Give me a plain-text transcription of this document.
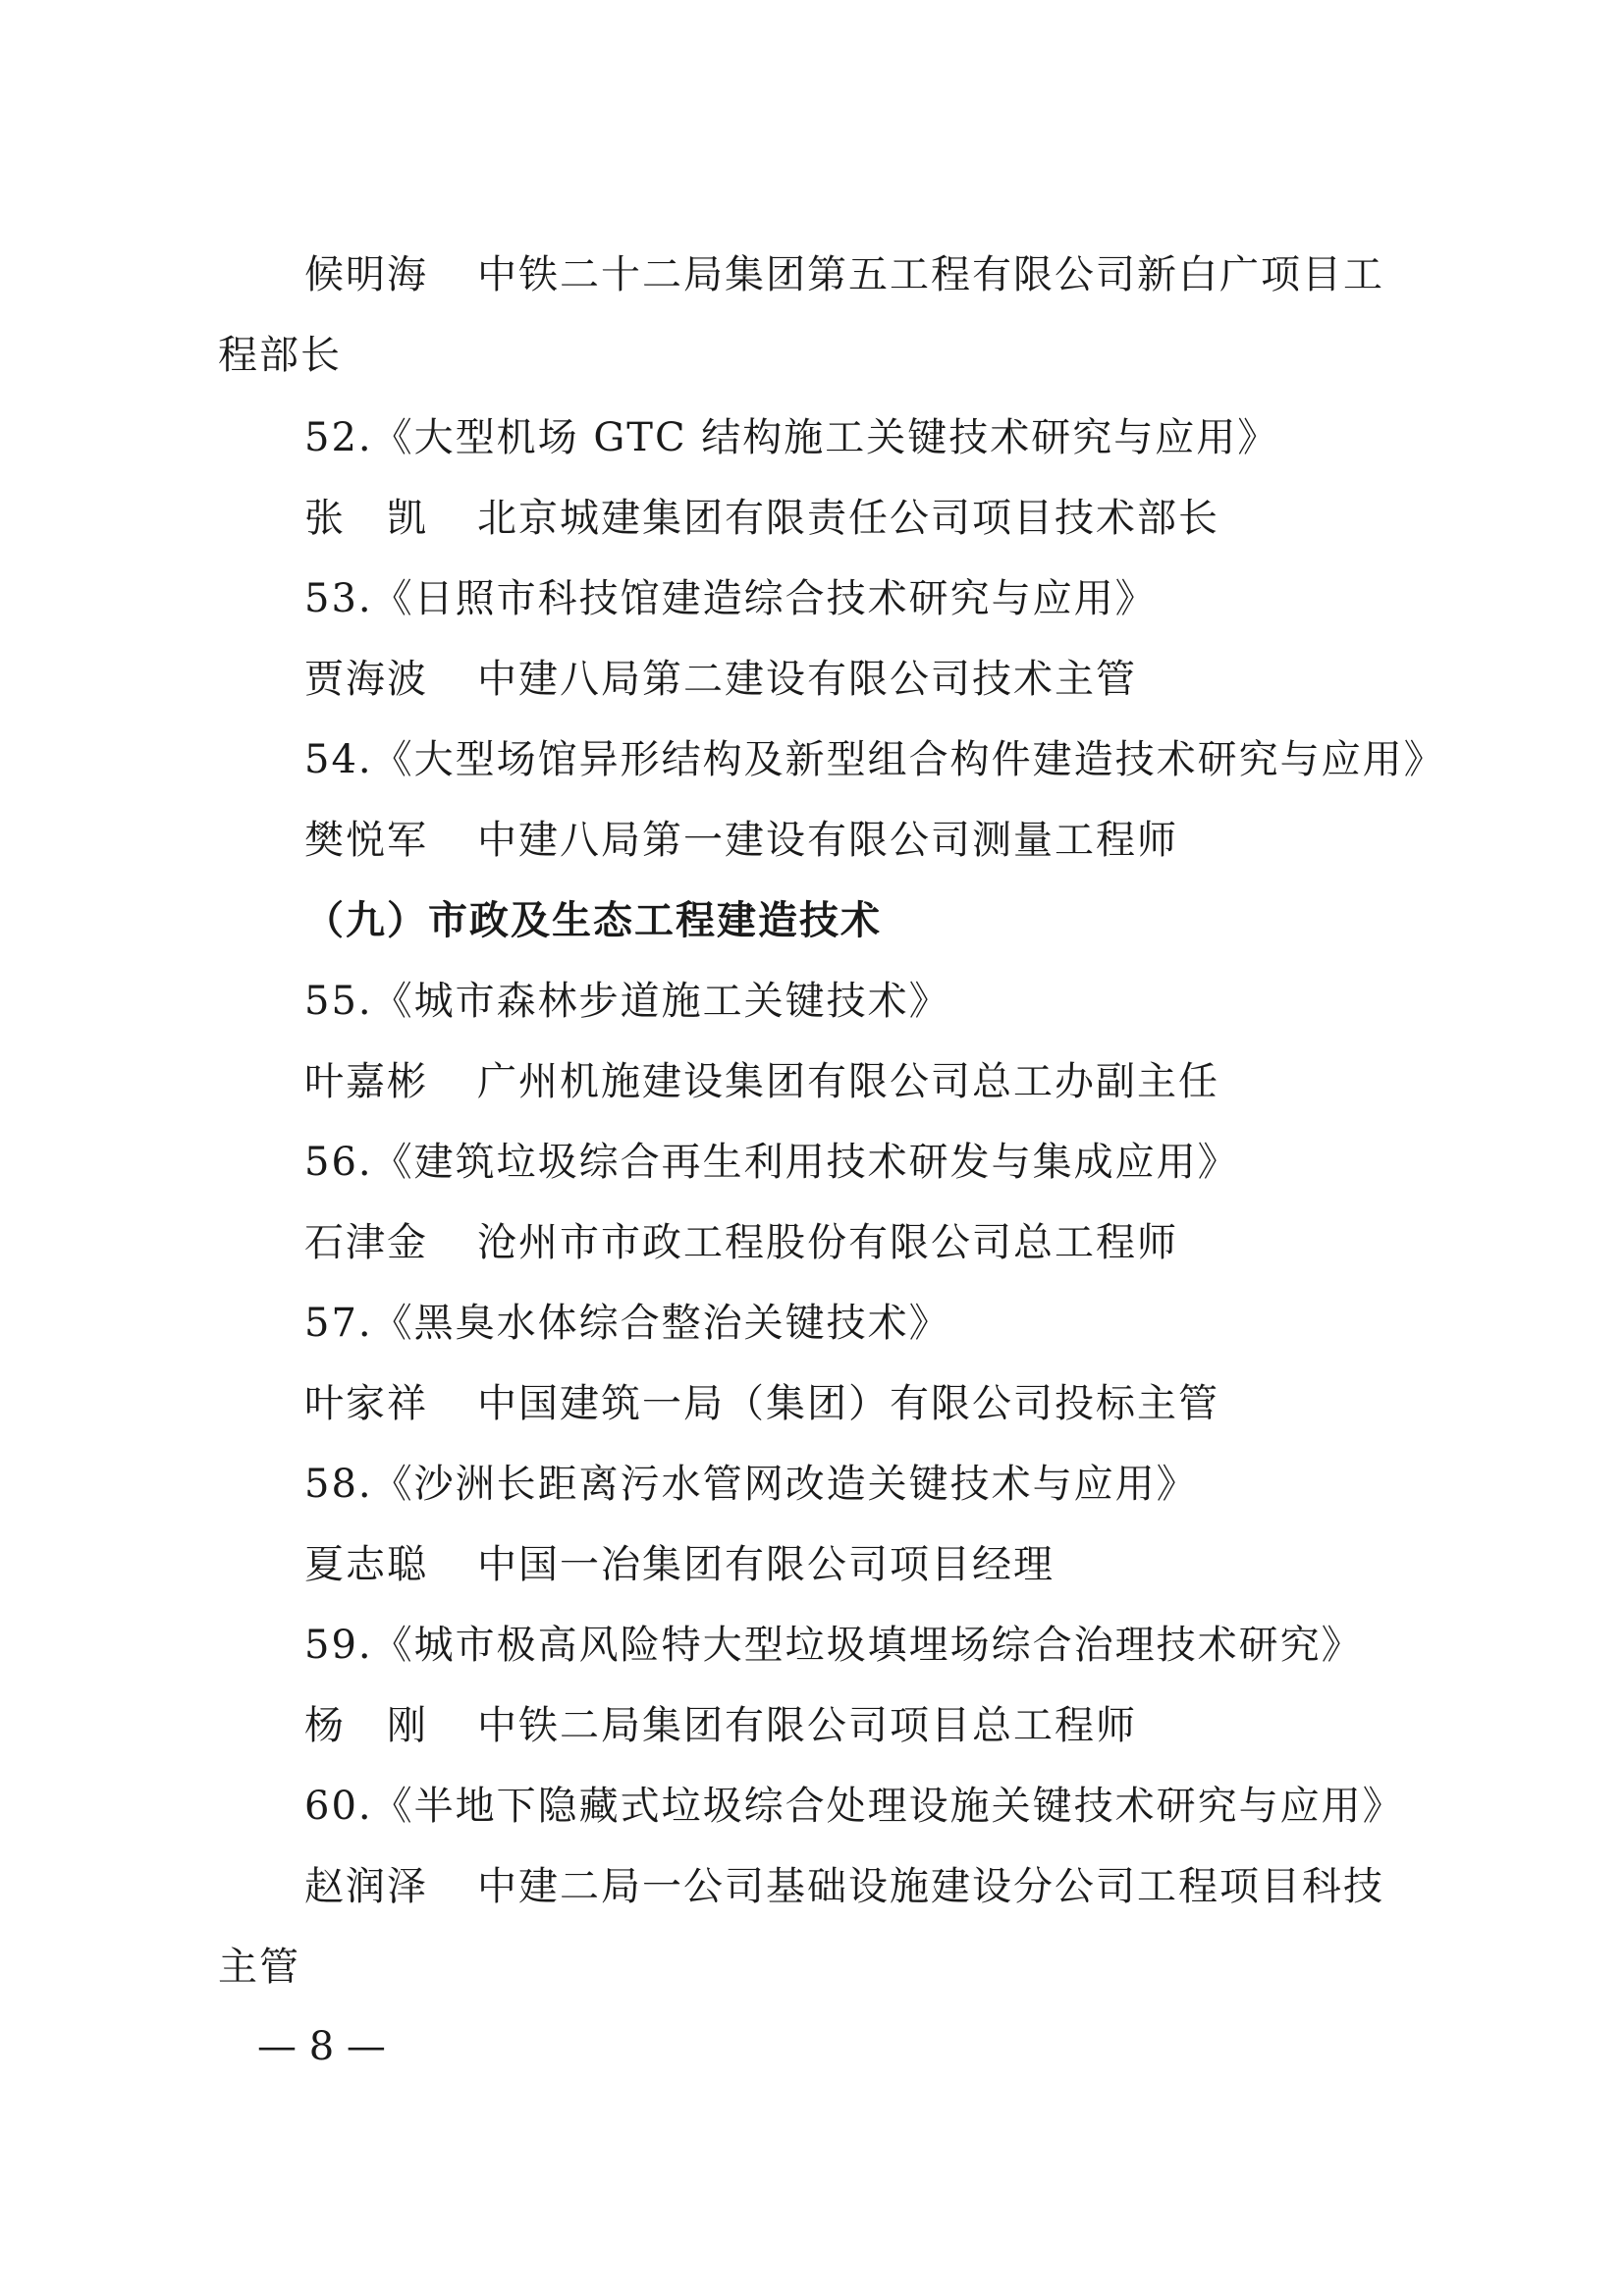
候明海 中铁二十二局集团第五工程有限公司新白广项目工
程部长
52.《大型机场 GTC 结构施工关键技术研究与应用》
张　凯 北京城建集团有限责任公司项目技术部长
53.《日照市科技馆建造综合技术研究与应用》
贾海波 中建八局第二建设有限公司技术主管
54.《大型场馆异形结构及新型组合构件建造技术研究与应用》
樊悦军 中建八局第一建设有限公司测量工程师
（九）市政及生态工程建造技术
55.《城市森林步道施工关键技术》
叶嘉彬 广州机施建设集团有限公司总工办副主任
56.《建筑垃圾综合再生利用技术研发与集成应用》
石津金 沧州市市政工程股份有限公司总工程师
57.《黑臭水体综合整治关键技术》
叶家祥 中国建筑一局（集团）有限公司投标主管
58.《沙洲长距离污水管网改造关键技术与应用》
夏志聪 中国一冶集团有限公司项目经理
59.《城市极高风险特大型垃圾填埋场综合治理技术研究》
杨　刚 中铁二局集团有限公司项目总工程师
60.《半地下隐藏式垃圾综合处理设施关键技术研究与应用》
赵润泽 中建二局一公司基础设施建设分公司工程项目科技
主管
— 8 —
